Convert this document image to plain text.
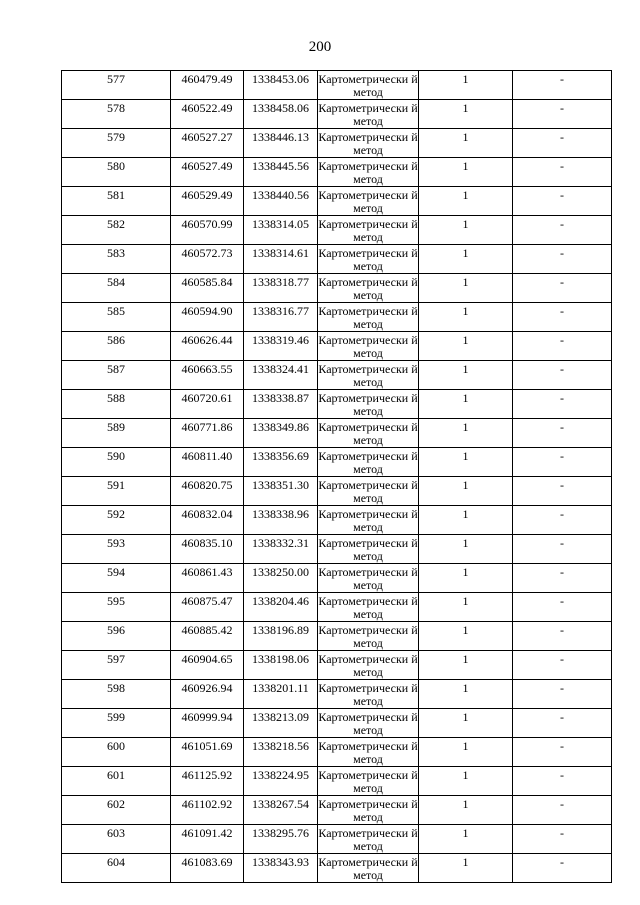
200
577	460479.49	1338453.06	Картометрически й метод	1	-

578	460522.49	1338458.06	Картометрически й метод	1	-

579	460527.27	1338446.13	Картометрически й метод	1	-

580	460527.49	1338445.56	Картометрически й метод	1	-

581	460529.49	1338440.56	Картометрически й метод	1	-

582	460570.99	1338314.05	Картометрически й метод	1	-

583	460572.73	1338314.61	Картометрически й метод	1	-

584	460585.84	1338318.77	Картометрически й метод	1	-

585	460594.90	1338316.77	Картометрически й метод	1	-

586	460626.44	1338319.46	Картометрически й метод	1	-

587	460663.55	1338324.41	Картометрически й метод	1	-

588	460720.61	1338338.87	Картометрически й метод	1	-

589	460771.86	1338349.86	Картометрически й метод	1	-

590	460811.40	1338356.69	Картометрически й метод	1	-

591	460820.75	1338351.30	Картометрически й метод	1	-

592	460832.04	1338338.96	Картометрически й метод	1	-

593	460835.10	1338332.31	Картометрически й метод	1	-

594	460861.43	1338250.00	Картометрически й метод	1	-

595	460875.47	1338204.46	Картометрически й метод	1	-

596	460885.42	1338196.89	Картометрически й метод	1	-

597	460904.65	1338198.06	Картометрически й метод	1	-

598	460926.94	1338201.11	Картометрически й метод	1	-

599	460999.94	1338213.09	Картометрически й метод	1	-

600	461051.69	1338218.56	Картометрически й метод	1	-

601	461125.92	1338224.95	Картометрически й метод	1	-

602	461102.92	1338267.54	Картометрически й метод	1	-

603	461091.42	1338295.76	Картометрически й метод	1	-

604	461083.69	1338343.93	Картометрически й метод	1	-
